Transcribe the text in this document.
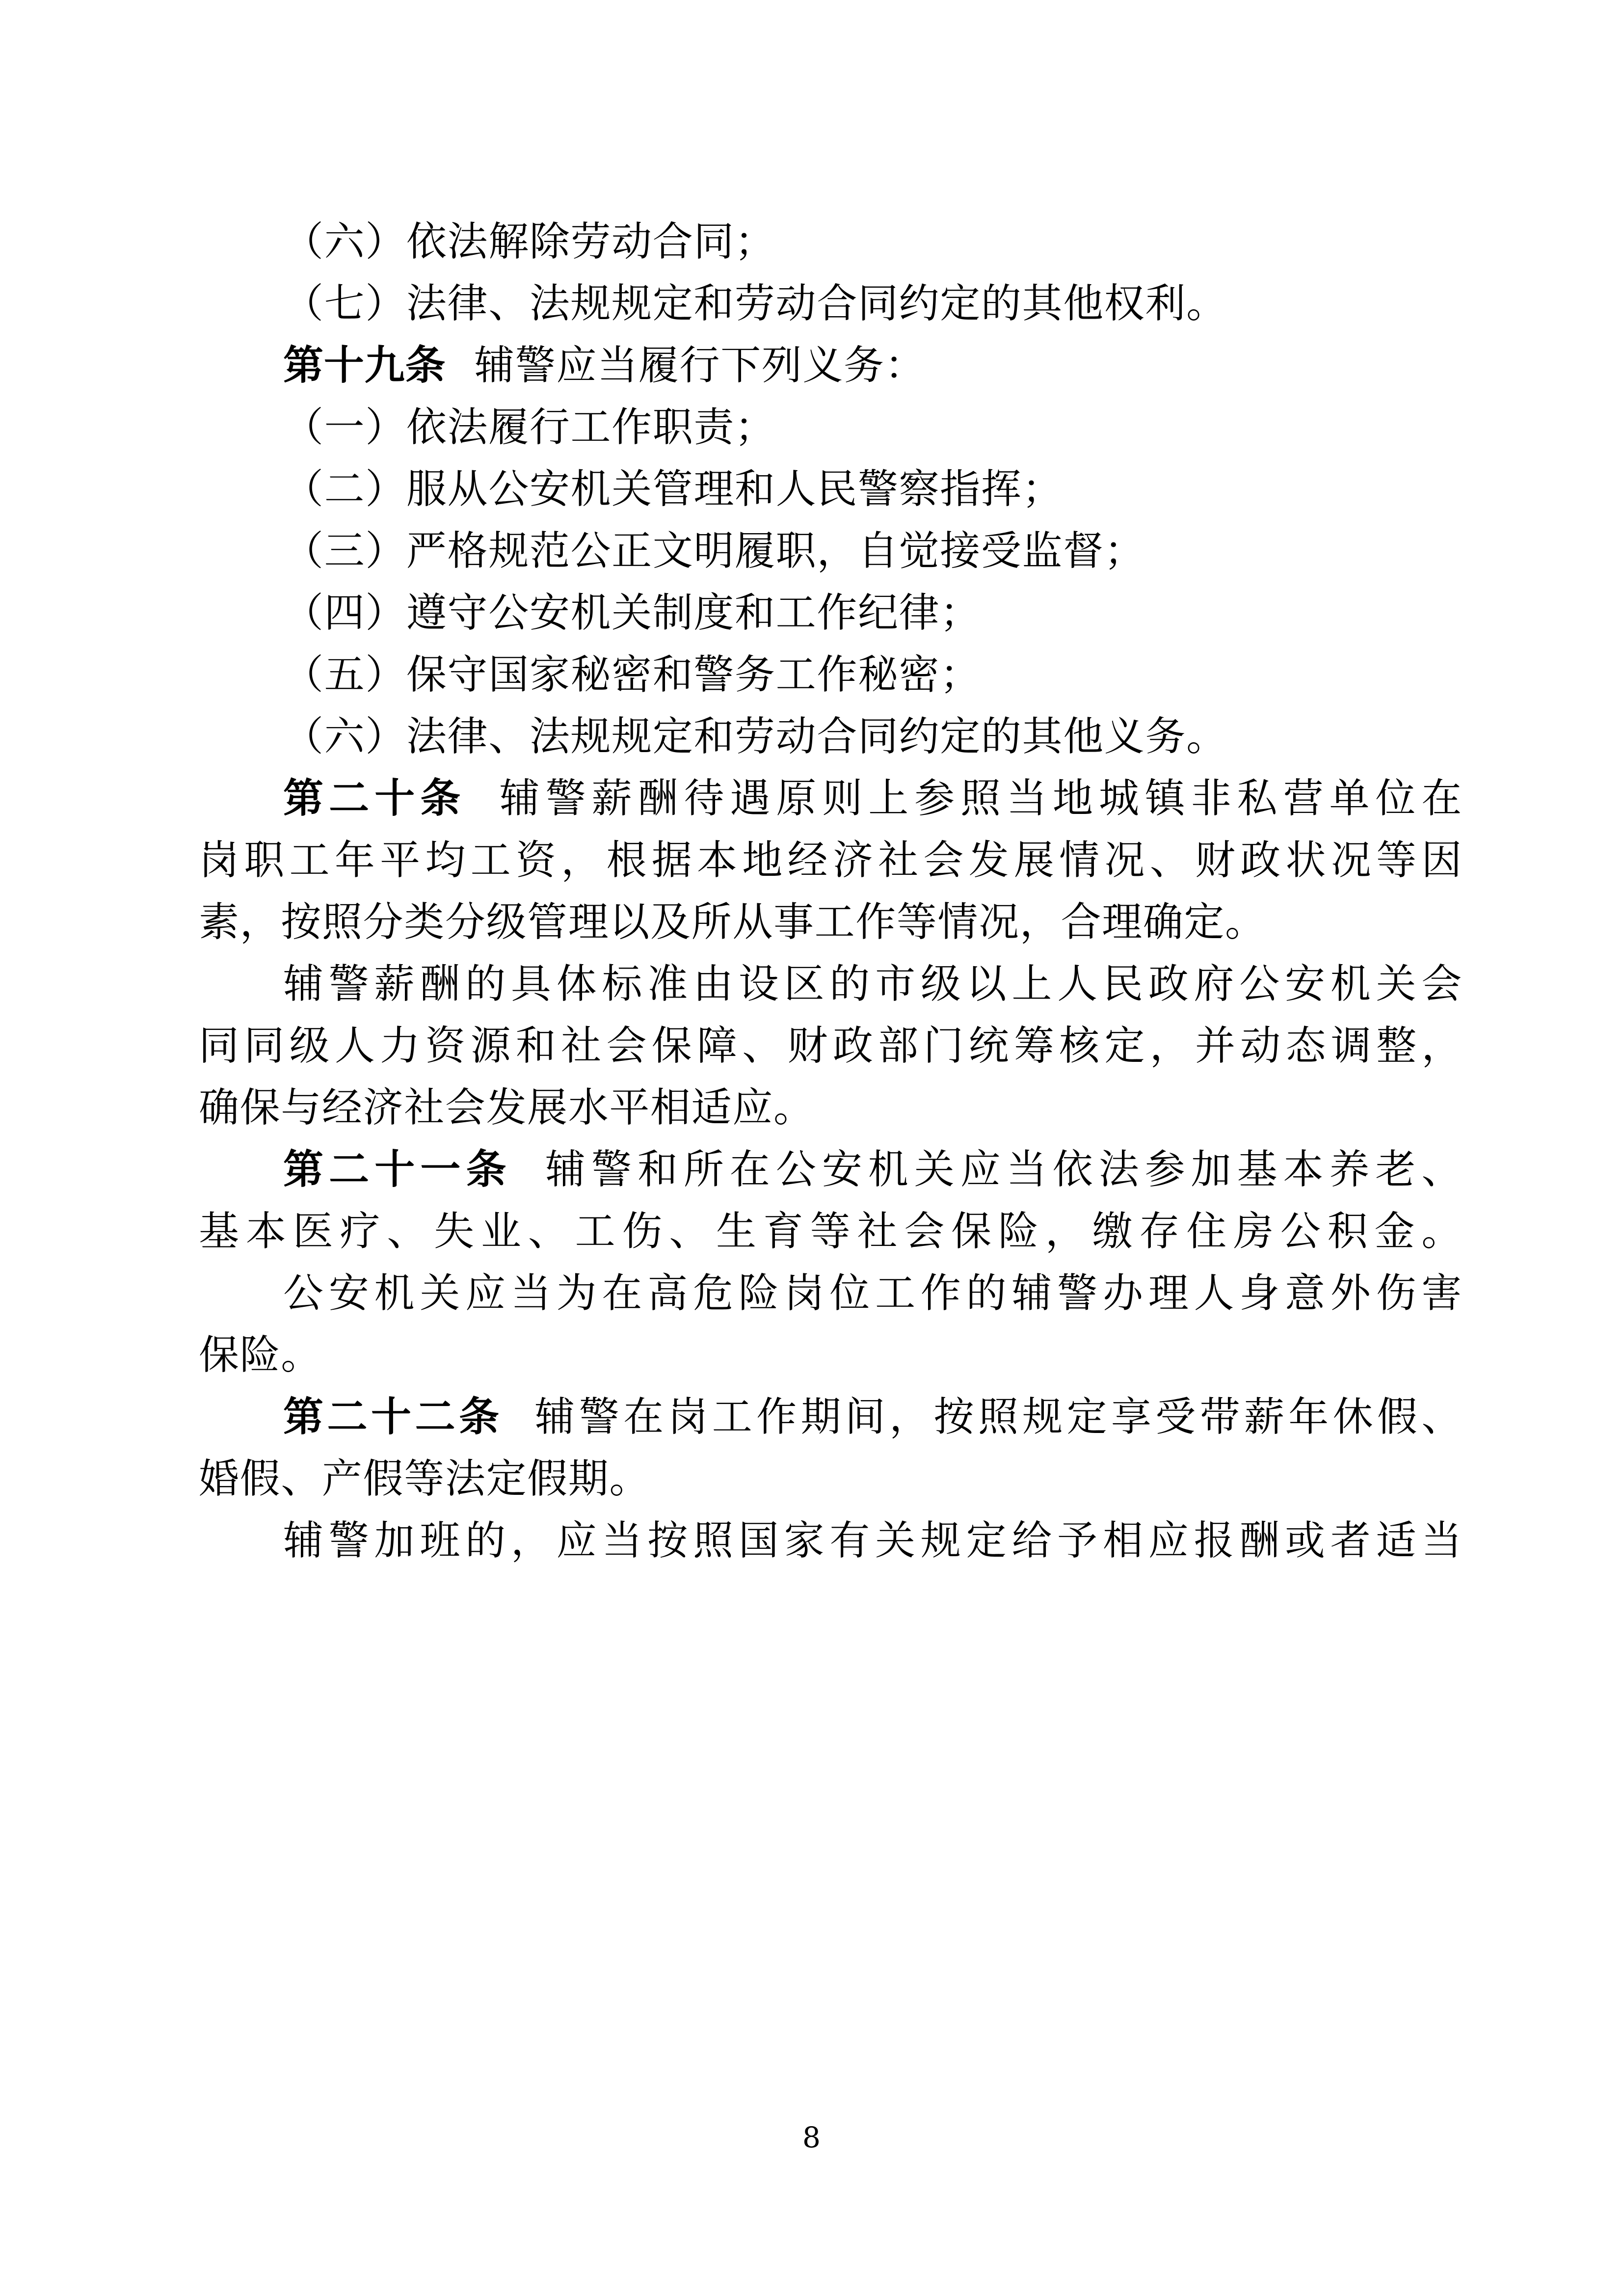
（六）依法解除劳动合同；
（七）法律、法规规定和劳动合同约定的其他权利。
第十九条 辅警应当履行下列义务：
（一）依法履行工作职责；
（二）服从公安机关管理和人民警察指挥；
（三）严格规范公正文明履职，自觉接受监督；
（四）遵守公安机关制度和工作纪律；
（五）保守国家秘密和警务工作秘密；
（六）法律、法规规定和劳动合同约定的其他义务。
第二十条 辅警薪酬待遇原则上参照当地城镇非私营单位在
岗职工年平均工资，根据本地经济社会发展情况、财政状况等因
素，按照分类分级管理以及所从事工作等情况，合理确定。
辅警薪酬的具体标准由设区的市级以上人民政府公安机关会
同同级人力资源和社会保障、财政部门统筹核定，并动态调整，
确保与经济社会发展水平相适应。
第二十一条 辅警和所在公安机关应当依法参加基本养老、
基本医疗、失业、工伤、生育等社会保险，缴存住房公积金。
公安机关应当为在高危险岗位工作的辅警办理人身意外伤害
保险。
第二十二条 辅警在岗工作期间，按照规定享受带薪年休假、
婚假、产假等法定假期。
辅警加班的，应当按照国家有关规定给予相应报酬或者适当
8
